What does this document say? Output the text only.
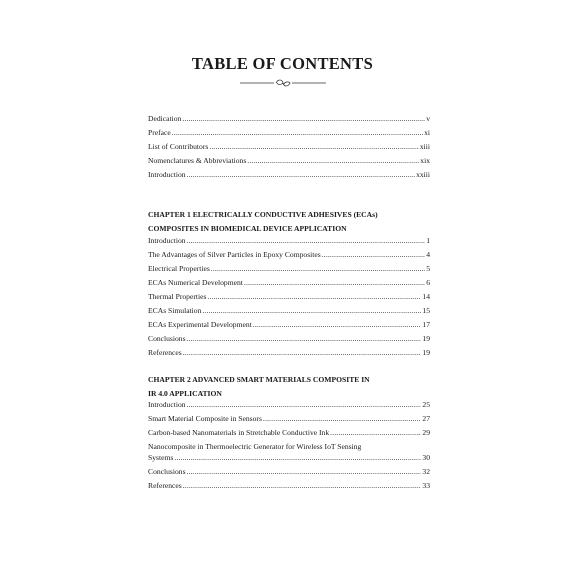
TABLE OF CONTENTS
Dedication .....	v
Preface .....	xi
List of Contributors .....	xiii
Nomenclatures & Abbreviations .....	xix
Introduction .....	xxiii
CHAPTER 1 ELECTRICALLY CONDUCTIVE ADHESIVES (ECAs)
COMPOSITES IN BIOMEDICAL DEVICE APPLICATION
Introduction .....	1
The Advantages of Silver Particles in Epoxy Composites .....	4
Electrical Properties .....	5
ECAs Numerical Development .....	6
Thermal Properties .....	14
ECAs Simulation .....	15
ECAs Experimental Development .....	17
Conclusions .....	19
References .....	19
CHAPTER 2 ADVANCED SMART MATERIALS COMPOSITE IN
IR 4.0 APPLICATION
Introduction .....	25
Smart Material Composite in Sensors .....	27
Carbon-based Nanomaterials in Stretchable Conductive Ink .....	29
Nanocomposite in Thermoelectric Generator for Wireless IoT Sensing
Systems .....	30
Conclusions .....	32
References .....	33
